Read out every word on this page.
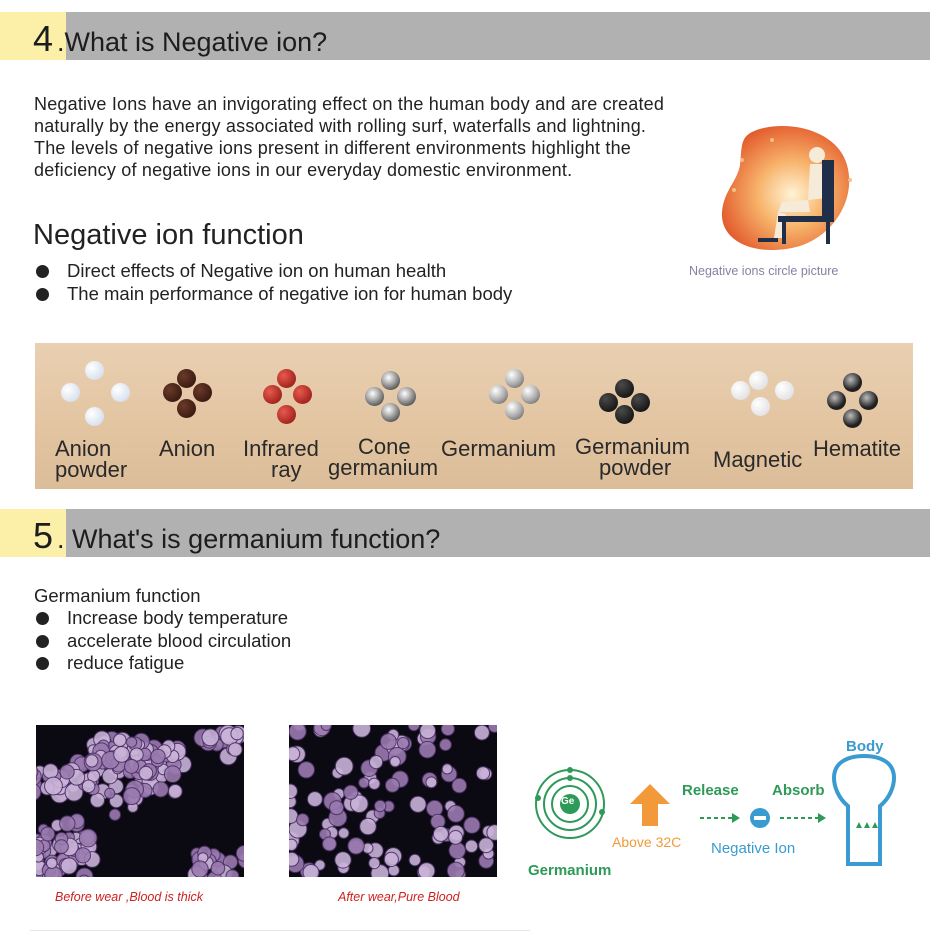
4 .What is Negative ion?
Negative Ions have an invigorating effect on the human body and are created naturally by the energy associated with rolling surf, waterfalls and lightning. The levels of negative ions present in different environments highlight the deficiency of negative ions in our everyday domestic environment.
Negative ion function
Direct effects of Negative ion on human health
The main performance of negative ion for human body
Negative ions circle picture
Anion
powder
Anion Infrared
ray
Cone
germanium
Germanium Germanium
powder Magnetic Hematite
5 . What's is germanium function?
Germanium function
Increase body temperature
accelerate blood circulation
reduce fatigue
Before wear ,Blood is thick	After wear,Pure Blood
Ge
Germanium
Above 32C
Release Absorb
Negative Ion
Body
